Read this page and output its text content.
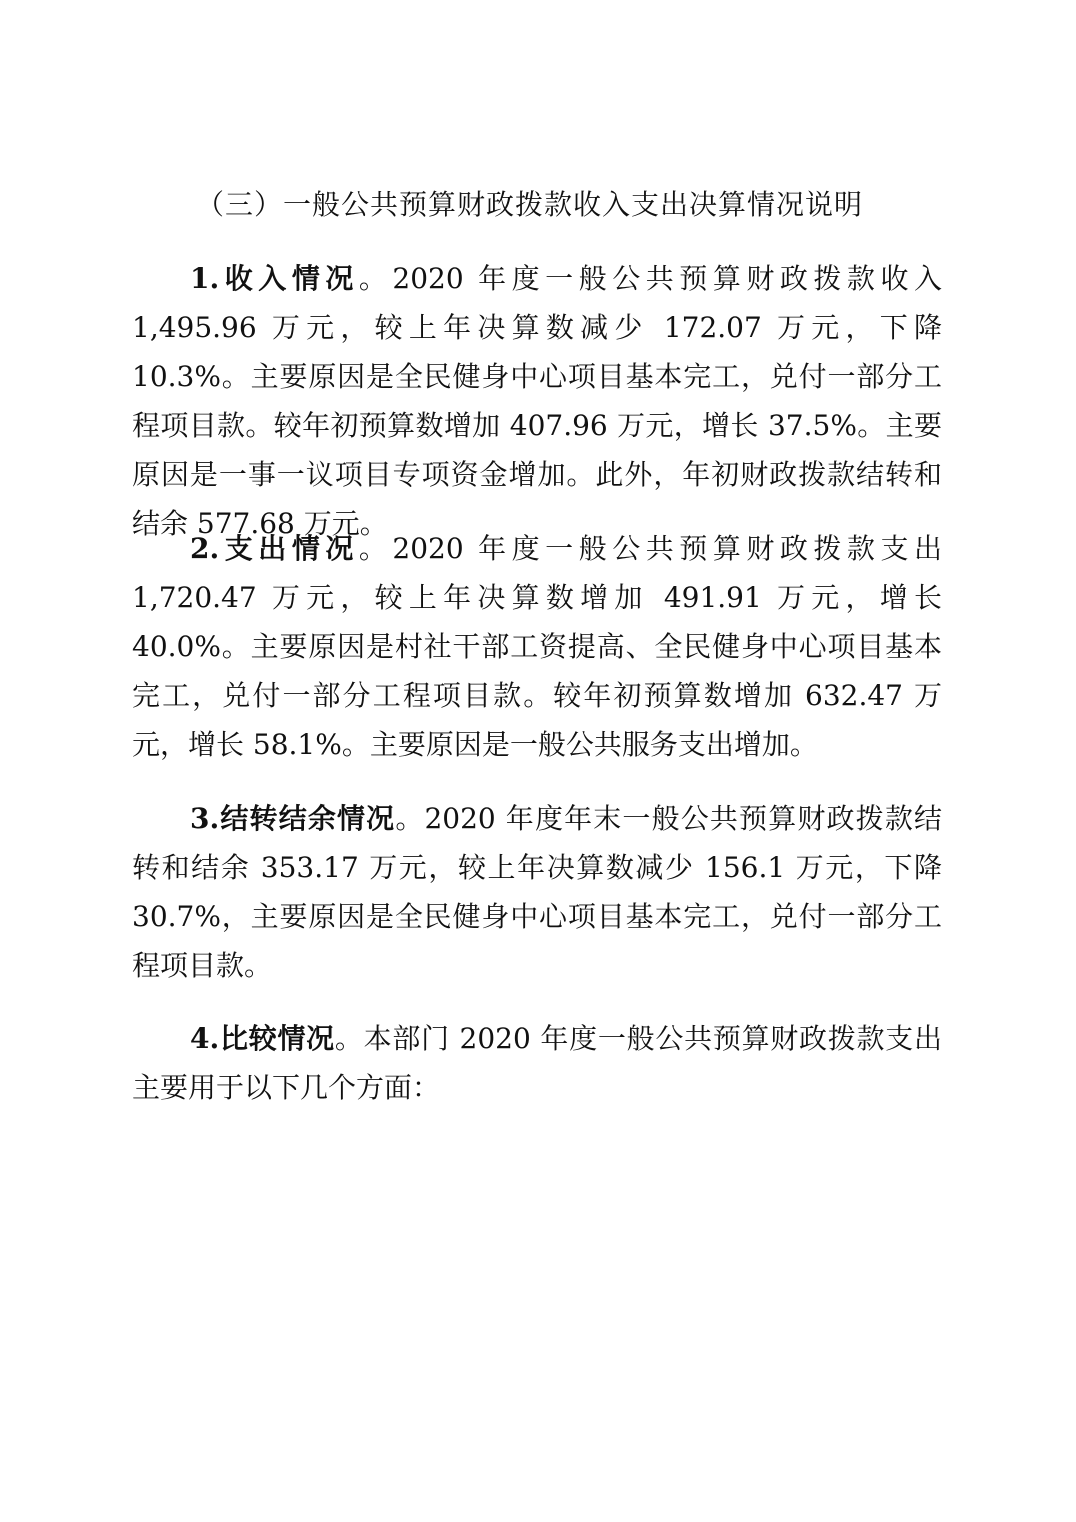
（三）一般公共预算财政拨款收入支出决算情况说明

1.收入情况。2020 年度一般公共预算财政拨款收入 1,495.96 万元，较上年决算数减少 172.07 万元，下降 10.3%。主要原因是全民健身中心项目基本完工，兑付一部分工程项目款。较年初预算数增加 407.96 万元，增长 37.5%。主要原因是一事一议项目专项资金增加。此外，年初财政拨款结转和结余 577.68 万元。

2.支出情况。2020 年度一般公共预算财政拨款支出 1,720.47 万元，较上年决算数增加 491.91 万元，增长 40.0%。主要原因是村社干部工资提高、全民健身中心项目基本完工，兑付一部分工程项目款。较年初预算数增加 632.47 万 元，增长 58.1%。主要原因是一般公共服务支出增加。

3.结转结余情况。2020 年度年末一般公共预算财政拨款结转和结余 353.17 万元，较上年决算数减少 156.1 万元，下降 30.7%，主要原因是全民健身中心项目基本完工，兑付一部分工程项目款。

4.比较情况。本部门 2020 年度一般公共预算财政拨款支出主要用于以下几个方面：
